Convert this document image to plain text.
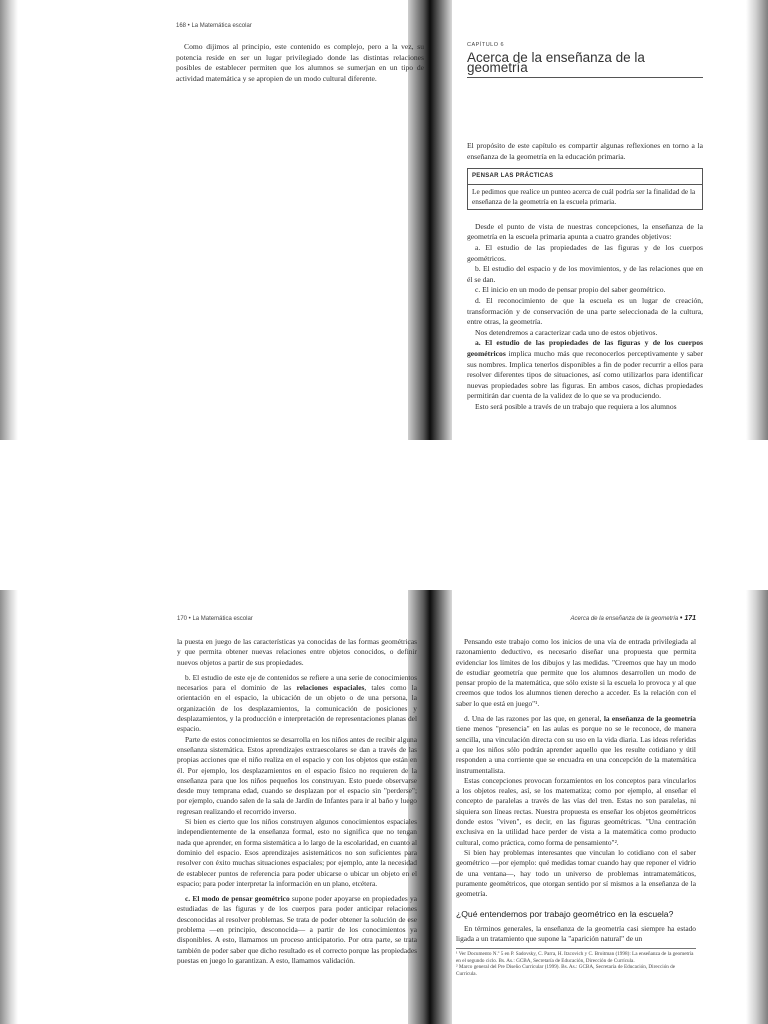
168 • La Matemática escolar

Como dijimos al principio, este contenido es complejo, pero a la vez, su potencia reside en ser un lugar privilegiado donde las distintas relaciones posibles de establecer permiten que los alumnos se sumerjan en un tipo de actividad matemática y se apropien de un modo cultural diferente.

CAPÍTULO 6
Acerca de la enseñanza de la geometría

El propósito de este capítulo es compartir algunas reflexiones en torno a la enseñanza de la geometría en la educación primaria.

PENSAR LAS PRÁCTICAS
Le pedimos que realice un punteo acerca de cuál podría ser la finalidad de la enseñanza de la geometría en la escuela primaria.

Desde el punto de vista de nuestras concepciones, la enseñanza de la geometría en la escuela primaria apunta a cuatro grandes objetivos:

a. El estudio de las propiedades de las figuras y de los cuerpos geométricos.

b. El estudio del espacio y de los movimientos, y de las relaciones que en él se dan.

c. El inicio en un modo de pensar propio del saber geométrico.

d. El reconocimiento de que la escuela es un lugar de creación, transformación y de conservación de una parte seleccionada de la cultura, entre otras, la geometría.

Nos detendremos a caracterizar cada uno de estos objetivos.

a. El estudio de las propiedades de las figuras y de los cuerpos geométricos implica mucho más que reconocerlos perceptivamente y saber sus nombres. Implica tenerlos disponibles a fin de poder recurrir a ellos para resolver diferentes tipos de situaciones, así como utilizarlos para identificar nuevas propiedades sobre las figuras. En ambos casos, dichas propiedades permitirán dar cuenta de la validez de lo que se va produciendo.

Esto será posible a través de un trabajo que requiera a los alumnos

170 • La Matemática escolar

la puesta en juego de las características ya conocidas de las formas geométricas y que permita obtener nuevas relaciones entre objetos conocidos, o definir nuevos objetos a partir de sus propiedades.

b. El estudio de este eje de contenidos se refiere a una serie de conocimientos necesarios para el dominio de las relaciones espaciales, tales como la orientación en el espacio, la ubicación de un objeto o de una persona, la organización de los desplazamientos, la comunicación de posiciones y desplazamientos, y la producción e interpretación de representaciones planas del espacio.

Parte de estos conocimientos se desarrolla en los niños antes de recibir alguna enseñanza sistemática. Estos aprendizajes extraescolares se dan a través de las propias acciones que el niño realiza en el espacio y con los objetos que están en él. Por ejemplo, los desplazamientos en el espacio físico no requieren de la enseñanza para que los niños pequeños los construyan. Esto puede observarse desde muy temprana edad, cuando se desplazan por el espacio sin "perderse"; por ejemplo, cuando salen de la sala de Jardín de Infantes para ir al baño y luego regresan realizando el recorrido inverso.

Si bien es cierto que los niños construyen algunos conocimientos espaciales independientemente de la enseñanza formal, esto no significa que no tengan nada que aprender, en forma sistemática a lo largo de la escolaridad, en cuanto al dominio del espacio. Esos aprendizajes asistemáticos no son suficientes para resolver con éxito muchas situaciones espaciales; por ejemplo, ante la necesidad de establecer puntos de referencia para poder ubicarse o ubicar un objeto en el espacio; para poder interpretar la información en un plano, etcétera.

c. El modo de pensar geométrico supone poder apoyarse en propiedades ya estudiadas de las figuras y de los cuerpos para poder anticipar relaciones desconocidas al resolver problemas. Se trata de poder obtener la solución de ese problema —en principio, desconocida— a partir de los conocimientos ya disponibles. A esto, llamamos un proceso anticipatorio. Por otra parte, se trata también de poder saber que dicho resultado es el correcto porque las propiedades puestas en juego lo garantizan. A esto, llamamos validación.

Acerca de la enseñanza de la geometría • 171

Pensando este trabajo como los inicios de una vía de entrada privilegiada al razonamiento deductivo, es necesario diseñar una propuesta que permita evidenciar los límites de los dibujos y las medidas. "Creemos que hay un modo de estudiar geometría que permite que los alumnos desarrollen un modo de pensar propio de la matemática, que sólo existe si la escuela lo provoca y al que creemos que todos los alumnos tienen derecho a acceder. Es la relación con el saber lo que está en juego"¹.

d. Una de las razones por las que, en general, la enseñanza de la geometría tiene menos "presencia" en las aulas es porque no se le reconoce, de manera sencilla, una vinculación directa con su uso en la vida diaria. Las ideas referidas a que los niños sólo podrán aprender aquello que les resulte cotidiano y útil responden a una corriente que se encuadra en una concepción de la matemática instrumentalista.

Estas concepciones provocan forzamientos en los conceptos para vincularlos a los objetos reales, así, se los matematiza; como por ejemplo, al enseñar el concepto de paralelas a través de las vías del tren. Estas no son paralelas, ni siquiera son líneas rectas. Nuestra propuesta es enseñar los objetos geométricos donde estos "viven", es decir, en las figuras geométricas. "Una centración exclusiva en la utilidad hace perder de vista a la matemática como producto cultural, como práctica, como forma de pensamiento"².

Si bien hay problemas interesantes que vinculan lo cotidiano con el saber geométrico —por ejemplo: qué medidas tomar cuando hay que reponer el vidrio de una ventana—, hay todo un universo de problemas intramatemáticos, puramente geométricos, que otorgan sentido por sí mismos a la enseñanza de la geometría.

¿Qué entendemos por trabajo geométrico en la escuela?

En términos generales, la enseñanza de la geometría casi siempre ha estado ligada a un tratamiento que supone la "aparición natural" de un

¹ Ver Documento N.º 5 en P. Sadovsky, C. Parra, H. Itzcovich y C. Broitman (1998): La enseñanza de la geometría en el segundo ciclo. Bs. As.: GCBA, Secretaría de Educación, Dirección de Currícula.
² Marco general del Pre Diseño Curricular (1999). Bs. As.: GCBA, Secretaría de Educación, Dirección de Currícula.
